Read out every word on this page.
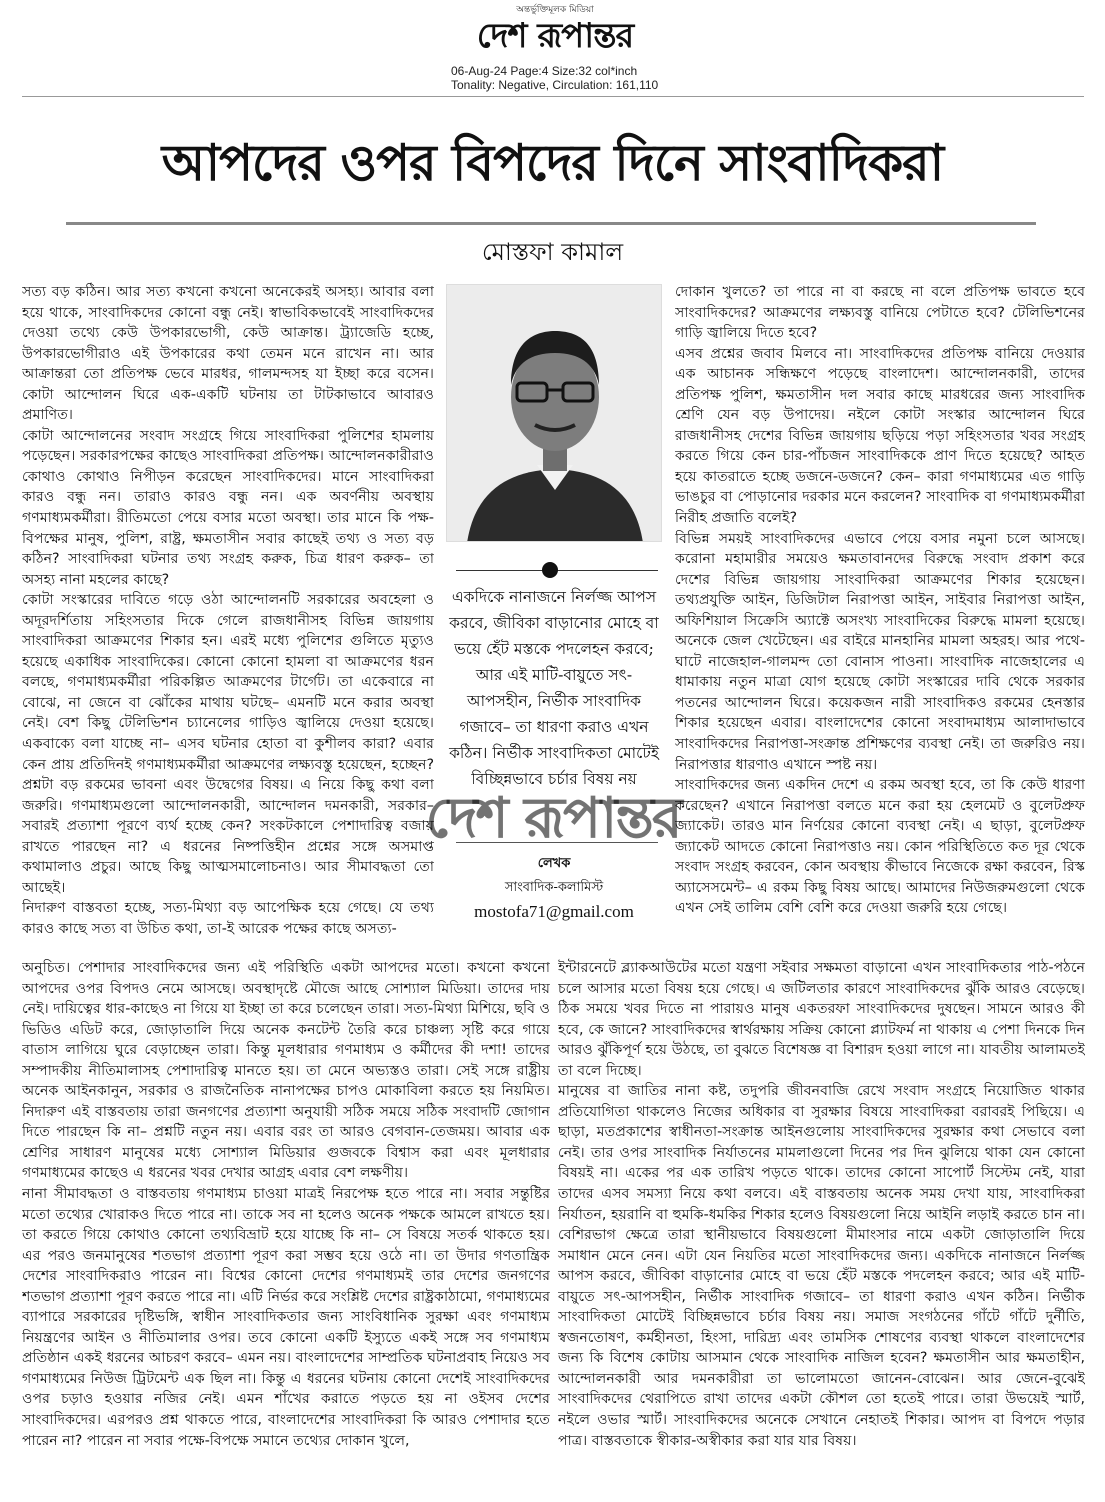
অন্তর্ভুক্তিমূলক মিডিয়া
দেশ রূপান্তর
06-Aug-24 Page:4 Size:32 col*inch
Tonality: Negative, Circulation: 161,110
আপদের ওপর বিপদের দিনে সাংবাদিকরা
মোস্তফা কামাল

সত্য বড় কঠিন। আর সত্য কখনো কখনো অনেকেরই অসহ্য। আবার বলা হয়ে থাকে, সাংবাদিকদের কোনো বন্ধু নেই। স্বাভাবিকভাবেই সাংবাদিকদের দেওয়া তথ্যে কেউ উপকারভোগী, কেউ আক্রান্ত। ট্র্যাজেডি হচ্ছে, উপকারভোগীরাও এই উপকারের কথা তেমন মনে রাখেন না। আর আক্রান্তরা তো প্রতিপক্ষ ভেবে মারধর, গালমন্দসহ যা ইচ্ছা করে বসেন। কোটা আন্দোলন ঘিরে এক-একটি ঘটনায় তা টাটকাভাবে আবারও প্রমাণিত।

কোটা আন্দোলনের সংবাদ সংগ্রহে গিয়ে সাংবাদিকরা পুলিশের হামলায় পড়েছেন। সরকারপক্ষের কাছেও সাংবাদিকরা প্রতিপক্ষ। আন্দোলনকারীরাও কোথাও কোথাও নিপীড়ন করেছেন সাংবাদিকদের। মানে সাংবাদিকরা কারও বন্ধু নন। তারাও কারও বন্ধু নন। এক অবর্ণনীয় অবস্থায় গণমাধ্যমকর্মীরা। রীতিমতো পেয়ে বসার মতো অবস্থা। তার মানে কি পক্ষ-বিপক্ষের মানুষ, পুলিশ, রাষ্ট্র, ক্ষমতাসীন সবার কাছেই তথ্য ও সত্য বড় কঠিন? সাংবাদিকরা ঘটনার তথ্য সংগ্রহ করুক, চিত্র ধারণ করুক– তা অসহ্য নানা মহলের কাছে?

কোটা সংস্কারের দাবিতে গড়ে ওঠা আন্দোলনটি সরকারের অবহেলা ও অদূরদর্শিতায় সহিংসতার দিকে গেলে রাজধানীসহ বিভিন্ন জায়গায় সাংবাদিকরা আক্রমণের শিকার হন। এরই মধ্যে পুলিশের গুলিতে মৃত্যুও হয়েছে একাধিক সাংবাদিকের। কোনো কোনো হামলা বা আক্রমণের ধরন বলছে, গণমাধ্যমকর্মীরা পরিকল্পিত আক্রমণের টার্গেট। তা একেবারে না বোঝে, না জেনে বা ঝোঁকের মাথায় ঘটছে– এমনটি মনে করার অবস্থা নেই। বেশ কিছু টেলিভিশন চ্যানেলের গাড়িও জ্বালিয়ে দেওয়া হয়েছে। একবাক্যে বলা যাচ্ছে না– এসব ঘটনার হোতা বা কুশীলব কারা? এবার কেন প্রায় প্রতিদিনই গণমাধ্যমকর্মীরা আক্রমণের লক্ষ্যবস্তু হয়েছেন, হচ্ছেন? প্রশ্নটা বড় রকমের ভাবনা এবং উদ্বেগের বিষয়। এ নিয়ে কিছু কথা বলা জরুরি। গণমাধ্যমগুলো আন্দোলনকারী, আন্দোলন দমনকারী, সরকার– সবারই প্রত্যাশা পূরণে ব্যর্থ হচ্ছে কেন? সংকটকালে পেশাদারিত্ব বজায় রাখতে পারছেন না? এ ধরনের নিষ্পত্তিহীন প্রশ্নের সঙ্গে অসমাপ্ত কথামালাও প্রচুর। আছে কিছু আত্মসমালোচনাও। আর সীমাবদ্ধতা তো আছেই।

নিদারুণ বাস্তবতা হচ্ছে, সত্য-মিথ্যা বড় আপেক্ষিক হয়ে গেছে। যে তথ্য কারও কাছে সত্য বা উচিত কথা, তা-ই আরেক পক্ষের কাছে অসত্য-

একদিকে নানাজনে নির্লজ্জ আপস করবে, জীবিকা বাড়ানোর মোহে বা ভয়ে হেঁট মস্তকে পদলেহন করবে; আর এই মাটি-বায়ুতে সৎ-আপসহীন, নির্ভীক সাংবাদিক গজাবে– তা ধারণা করাও এখন কঠিন। নির্ভীক সাংবাদিকতা মোটেই বিচ্ছিন্নভাবে চর্চার বিষয় নয়
লেখক
সাংবাদিক-কলামিস্ট
mostofa71@gmail.com

দোকান খুলতে? তা পারে না বা করছে না বলে প্রতিপক্ষ ভাবতে হবে সাংবাদিকদের? আক্রমণের লক্ষ্যবস্তু বানিয়ে পেটাতে হবে? টেলিভিশনের গাড়ি জ্বালিয়ে দিতে হবে?

এসব প্রশ্নের জবাব মিলবে না। সাংবাদিকদের প্রতিপক্ষ বানিয়ে দেওয়ার এক আচানক সন্ধিক্ষণে পড়েছে বাংলাদেশ। আন্দোলনকারী, তাদের প্রতিপক্ষ পুলিশ, ক্ষমতাসীন দল সবার কাছে মারধরের জন্য সাংবাদিক শ্রেণি যেন বড় উপাদেয়। নইলে কোটা সংস্কার আন্দোলন ঘিরে রাজধানীসহ দেশের বিভিন্ন জায়গায় ছড়িয়ে পড়া সহিংসতার খবর সংগ্রহ করতে গিয়ে কেন চার-পাঁচজন সাংবাদিককে প্রাণ দিতে হয়েছে? আহত হয়ে কাতরাতে হচ্ছে ডজনে-ডজনে? কেন– কারা গণমাধ্যমের এত গাড়ি ভাঙচুর বা পোড়ানোর দরকার মনে করলেন? সাংবাদিক বা গণমাধ্যমকর্মীরা নিরীহ প্রজাতি বলেই?

বিভিন্ন সময়ই সাংবাদিকদের এভাবে পেয়ে বসার নমুনা চলে আসছে। করোনা মহামারীর সময়েও ক্ষমতাবানদের বিরুদ্ধে সংবাদ প্রকাশ করে দেশের বিভিন্ন জায়গায় সাংবাদিকরা আক্রমণের শিকার হয়েছেন। তথ্যপ্রযুক্তি আইন, ডিজিটাল নিরাপত্তা আইন, সাইবার নিরাপত্তা আইন, অফিশিয়াল সিক্রেসি অ্যাক্টে অসংখ্য সাংবাদিকের বিরুদ্ধে মামলা হয়েছে। অনেকে জেল খেটেছেন। এর বাইরে মানহানির মামলা অহরহ। আর পথে-ঘাটে নাজেহাল-গালমন্দ তো বোনাস পাওনা। সাংবাদিক নাজেহালের এ ধামাকায় নতুন মাত্রা যোগ হয়েছে কোটা সংস্কারের দাবি থেকে সরকার পতনের আন্দোলন ঘিরে। কয়েকজন নারী সাংবাদিকও রকমের হেনস্তার শিকার হয়েছেন এবার। বাংলাদেশের কোনো সংবাদমাধ্যম আলাদাভাবে সাংবাদিকদের নিরাপত্তা-সংক্রান্ত প্রশিক্ষণের ব্যবস্থা নেই। তা জরুরিও নয়। নিরাপত্তার ধারণাও এখানে স্পষ্ট নয়।

সাংবাদিকদের জন্য একদিন দেশে এ রকম অবস্থা হবে, তা কি কেউ ধারণা করেছেন? এখানে নিরাপত্তা বলতে মনে করা হয় হেলমেট ও বুলেটপ্রুফ জ্যাকেট। তারও মান নির্ণয়ের কোনো ব্যবস্থা নেই। এ ছাড়া, বুলেটপ্রুফ জ্যাকেট আদতে কোনো নিরাপত্তাও নয়। কোন পরিস্থিতিতে কত দূর থেকে সংবাদ সংগ্রহ করবেন, কোন অবস্থায় কীভাবে নিজেকে রক্ষা করবেন, রিস্ক অ্যাসেসমেন্ট– এ রকম কিছু বিষয় আছে। আমাদের নিউজরুমগুলো থেকে এখন সেই তালিম বেশি বেশি করে দেওয়া জরুরি হয়ে গেছে।

অনুচিত। পেশাদার সাংবাদিকদের জন্য এই পরিস্থিতি একটা আপদের মতো। কখনো কখনো আপদের ওপর বিপদও নেমে আসছে। অবস্থাদৃষ্টে মৌজে আছে সোশ্যাল মিডিয়া। তাদের দায় নেই। দায়িত্বের ধার-কাছেও না গিয়ে যা ইচ্ছা তা করে চলেছেন তারা। সত্য-মিথ্যা মিশিয়ে, ছবি ও ভিডিও এডিট করে, জোড়াতালি দিয়ে অনেক কনটেন্ট তৈরি করে চাঞ্চল্য সৃষ্টি করে গায়ে বাতাস লাগিয়ে ঘুরে বেড়াচ্ছেন তারা। কিন্তু মূলধারার গণমাধ্যম ও কর্মীদের কী দশা! তাদের সম্পাদকীয় নীতিমালাসহ পেশাদারিত্ব মানতে হয়। তা মেনে অভ্যস্তও তারা। সেই সঙ্গে রাষ্ট্রীয় অনেক আইনকানুন, সরকার ও রাজনৈতিক নানাপক্ষের চাপও মোকাবিলা করতে হয় নিয়মিত। নিদারুণ এই বাস্তবতায় তারা জনগণের প্রত্যাশা অনুযায়ী সঠিক সময়ে সঠিক সংবাদটি জোগান দিতে পারছেন কি না– প্রশ্নটি নতুন নয়। এবার বরং তা আরও বেগবান-তেজময়। আবার এক শ্রেণির সাধারণ মানুষের মধ্যে সোশ্যাল মিডিয়ার গুজবকে বিশ্বাস করা এবং মূলধারার গণমাধ্যমের কাছেও এ ধরনের খবর দেখার আগ্রহ এবার বেশ লক্ষণীয়।

নানা সীমাবদ্ধতা ও বাস্তবতায় গণমাধ্যম চাওয়া মাত্রই নিরপেক্ষ হতে পারে না। সবার সন্তুষ্টির মতো তথ্যের খোরাকও দিতে পারে না। তাকে সব না হলেও অনেক পক্ষকে আমলে রাখতে হয়। তা করতে গিয়ে কোথাও কোনো তথ্যবিভ্রাট হয়ে যাচ্ছে কি না– সে বিষয়ে সতর্ক থাকতে হয়। এর পরও জনমানুষের শতভাগ প্রত্যাশা পূরণ করা সম্ভব হয়ে ওঠে না। তা উদার গণতান্ত্রিক দেশের সাংবাদিকরাও পারেন না। বিশ্বের কোনো দেশের গণমাধ্যমই তার দেশের জনগণের শতভাগ প্রত্যাশা পূরণ করতে পারে না। এটি নির্ভর করে সংশ্লিষ্ট দেশের রাষ্ট্রকাঠামো, গণমাধ্যমের ব্যাপারে সরকারের দৃষ্টিভঙ্গি, স্বাধীন সাংবাদিকতার জন্য সাংবিধানিক সুরক্ষা এবং গণমাধ্যম নিয়ন্ত্রণের আইন ও নীতিমালার ওপর। তবে কোনো একটি ইস্যুতে একই সঙ্গে সব গণমাধ্যম প্রতিষ্ঠান একই ধরনের আচরণ করবে– এমন নয়। বাংলাদেশের সাম্প্রতিক ঘটনাপ্রবাহ নিয়েও সব গণমাধ্যমের নিউজ ট্রিটমেন্ট এক ছিল না। কিন্তু এ ধরনের ঘটনায় কোনো দেশেই সাংবাদিকদের ওপর চড়াও হওয়ার নজির নেই। এমন শাঁখের করাতে পড়তে হয় না ওইসব দেশের সাংবাদিকদের। এরপরও প্রশ্ন থাকতে পারে, বাংলাদেশের সাংবাদিকরা কি আরও পেশাদার হতে পারেন না? পারেন না সবার পক্ষে-বিপক্ষে সমানে তথ্যের দোকান খুলে,

ইন্টারনেটে ব্ল্যাকআউটের মতো যন্ত্রণা সইবার সক্ষমতা বাড়ানো এখন সাংবাদিকতার পাঠ-পঠনে চলে আসার মতো বিষয় হয়ে গেছে। এ জটিলতার কারণে সাংবাদিকদের ঝুঁকি আরও বেড়েছে। ঠিক সময়ে খবর দিতে না পারায়ও মানুষ একতরফা সাংবাদিকদের দুষছেন। সামনে আরও কী হবে, কে জানে? সাংবাদিকদের স্বার্থরক্ষায় সক্রিয় কোনো প্ল্যাটফর্ম না থাকায় এ পেশা দিনকে দিন আরও ঝুঁকিপূর্ণ হয়ে উঠছে, তা বুঝতে বিশেষজ্ঞ বা বিশারদ হওয়া লাগে না। যাবতীয় আলামতই তা বলে দিচ্ছে।

মানুষের বা জাতির নানা কষ্ট, তদুপরি জীবনবাজি রেখে সংবাদ সংগ্রহে নিয়োজিত থাকার প্রতিযোগিতা থাকলেও নিজের অধিকার বা সুরক্ষার বিষয়ে সাংবাদিকরা বরাবরই পিছিয়ে। এ ছাড়া, মতপ্রকাশের স্বাধীনতা-সংক্রান্ত আইনগুলোয় সাংবাদিকদের সুরক্ষার কথা সেভাবে বলা নেই। তার ওপর সাংবাদিক নির্যাতনের মামলাগুলো দিনের পর দিন ঝুলিয়ে থাকা যেন কোনো বিষয়ই না। একের পর এক তারিখ পড়তে থাকে। তাদের কোনো সাপোর্ট সিস্টেম নেই, যারা তাদের এসব সমস্যা নিয়ে কথা বলবে। এই বাস্তবতায় অনেক সময় দেখা যায়, সাংবাদিকরা নির্যাতন, হয়রানি বা হুমকি-ধমকির শিকার হলেও বিষয়গুলো নিয়ে আইনি লড়াই করতে চান না। বেশিরভাগ ক্ষেত্রে তারা স্থানীয়ভাবে বিষয়গুলো মীমাংসার নামে একটা জোড়াতালি দিয়ে সমাধান মেনে নেন। এটা যেন নিয়তির মতো সাংবাদিকদের জন্য। একদিকে নানাজনে নির্লজ্জ আপস করবে, জীবিকা বাড়ানোর মোহে বা ভয়ে হেঁট মস্তকে পদলেহন করবে; আর এই মাটি-বায়ুতে সৎ-আপসহীন, নির্ভীক সাংবাদিক গজাবে– তা ধারণা করাও এখন কঠিন। নির্ভীক সাংবাদিকতা মোটেই বিচ্ছিন্নভাবে চর্চার বিষয় নয়। সমাজ সংগঠনের গাঁটে গাঁটে দুর্নীতি, স্বজনতোষণ, কর্মহীনতা, হিংসা, দারিদ্র্য এবং তামসিক শোষণের ব্যবস্থা থাকলে বাংলাদেশের জন্য কি বিশেষ কোটায় আসমান থেকে সাংবাদিক নাজিল হবেন? ক্ষমতাসীন আর ক্ষমতাহীন, আন্দোলনকারী আর দমনকারীরা তা ভালোমতো জানেন-বোঝেন। আর জেনে-বুঝেই সাংবাদিকদের থেরাপিতে রাখা তাদের একটা কৌশল তো হতেই পারে। তারা উভয়েই স্মার্ট, নইলে ওভার স্মার্ট। সাংবাদিকদের অনেকে সেখানে নেহাতই শিকার। আপদ বা বিপদে পড়ার পাত্র। বাস্তবতাকে স্বীকার-অস্বীকার করা যার যার বিষয়।

দেশ রূপান্তর
